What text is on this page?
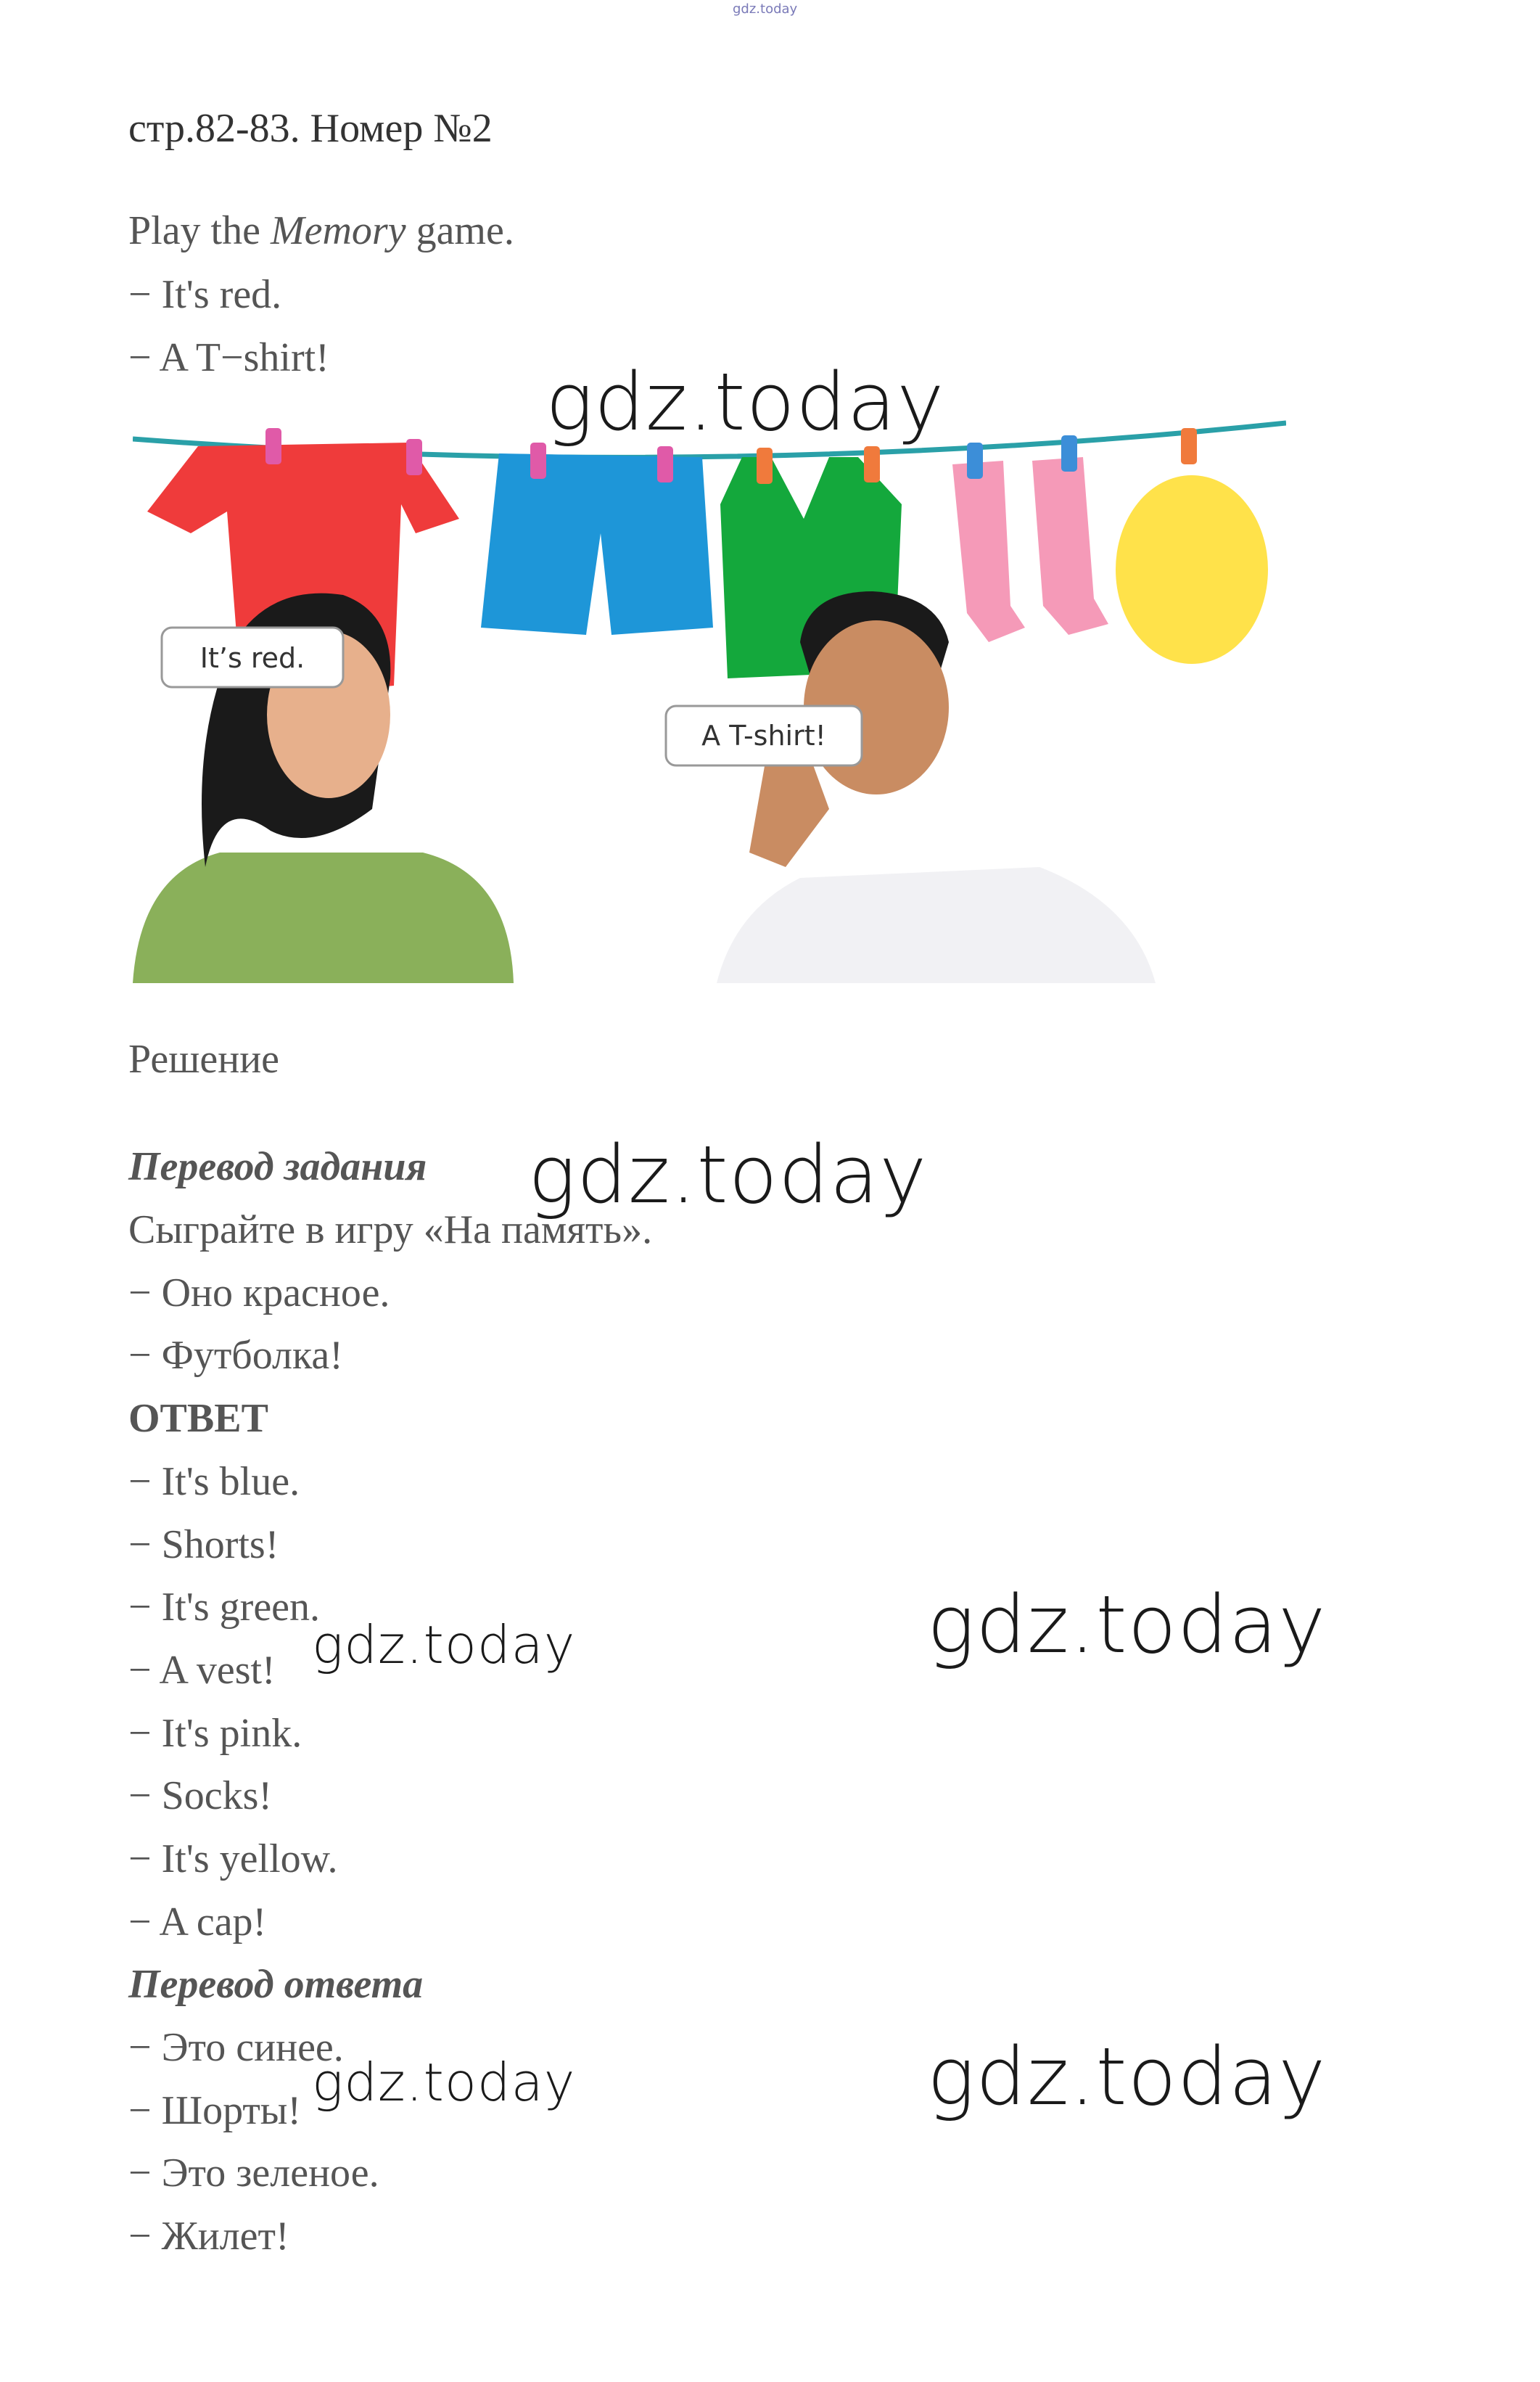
gdz.today
стр.82-83. Номер №2
Play the Memory game.
− It's red.
− A T−shirt!
It’s red.
A T-shirt!
Решение
Перевод задания
Сыграйте в игру «На память».
− Оно красное.
− Футболка!
ОТВЕТ
− It's blue.
− Shorts!
− It's green.
− A vest!
− It's pink.
− Socks!
− It's yellow.
− A cap!
Перевод ответа
− Это синее.
− Шорты!
− Это зеленое.
− Жилет!
gdz.today
gdz.today
gdz.today	gdz.today
gdz.today	gdz.today
